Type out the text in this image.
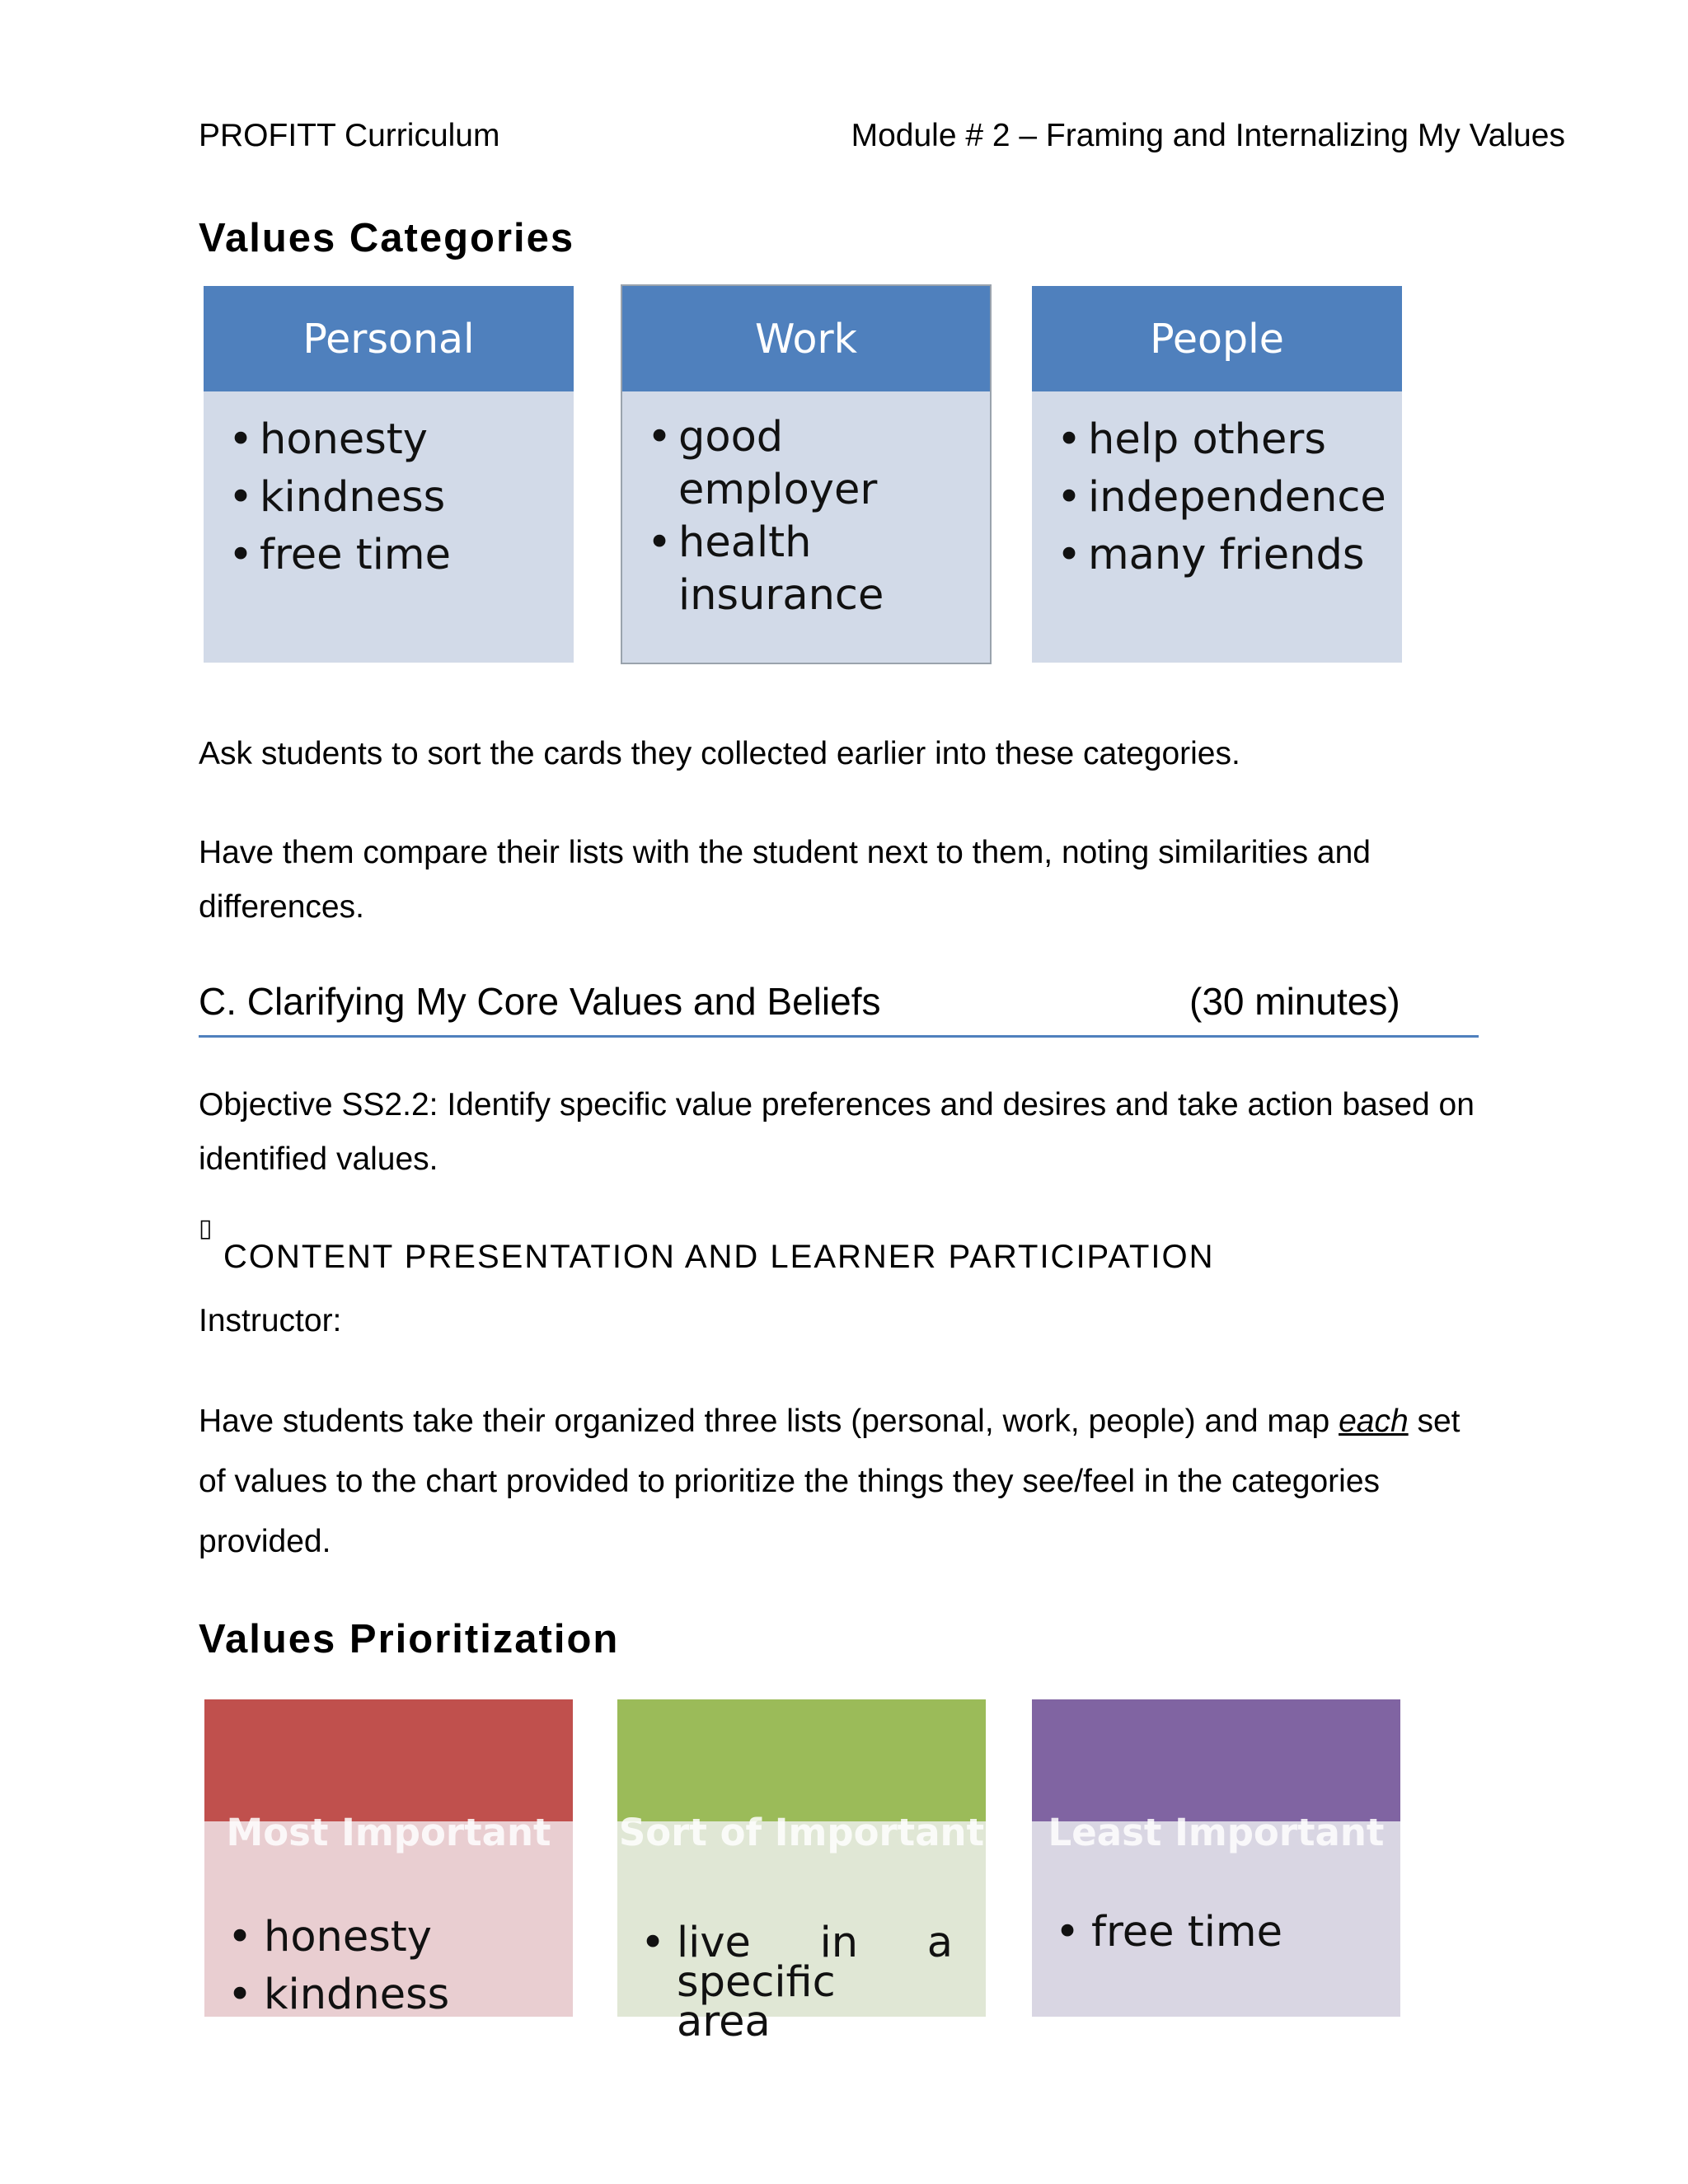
PROFITT Curriculum	Module # 2 – Framing and Internalizing My Values
Values Categories
Personal
• honesty
• kindness
• free time
Work
• good employer
• health insurance
People
• help others
• independence
• many friends
Ask students to sort the cards they collected earlier into these categories.
Have them compare their lists with the student next to them, noting similarities and differences.
C. Clarifying My Core Values and Beliefs	(30 minutes)
Objective SS2.2: Identify specific value preferences and desires and take action based on identified values.
▯
CONTENT PRESENTATION AND LEARNER PARTICIPATION
Instructor:
Have students take their organized three lists (personal, work, people) and map each set of values to the chart provided to prioritize the things they see/feel in the categories provided.
Values Prioritization
Most Important
• honesty
• kindness
Sort of Important
• live in a specific area
Least Important
• free time
